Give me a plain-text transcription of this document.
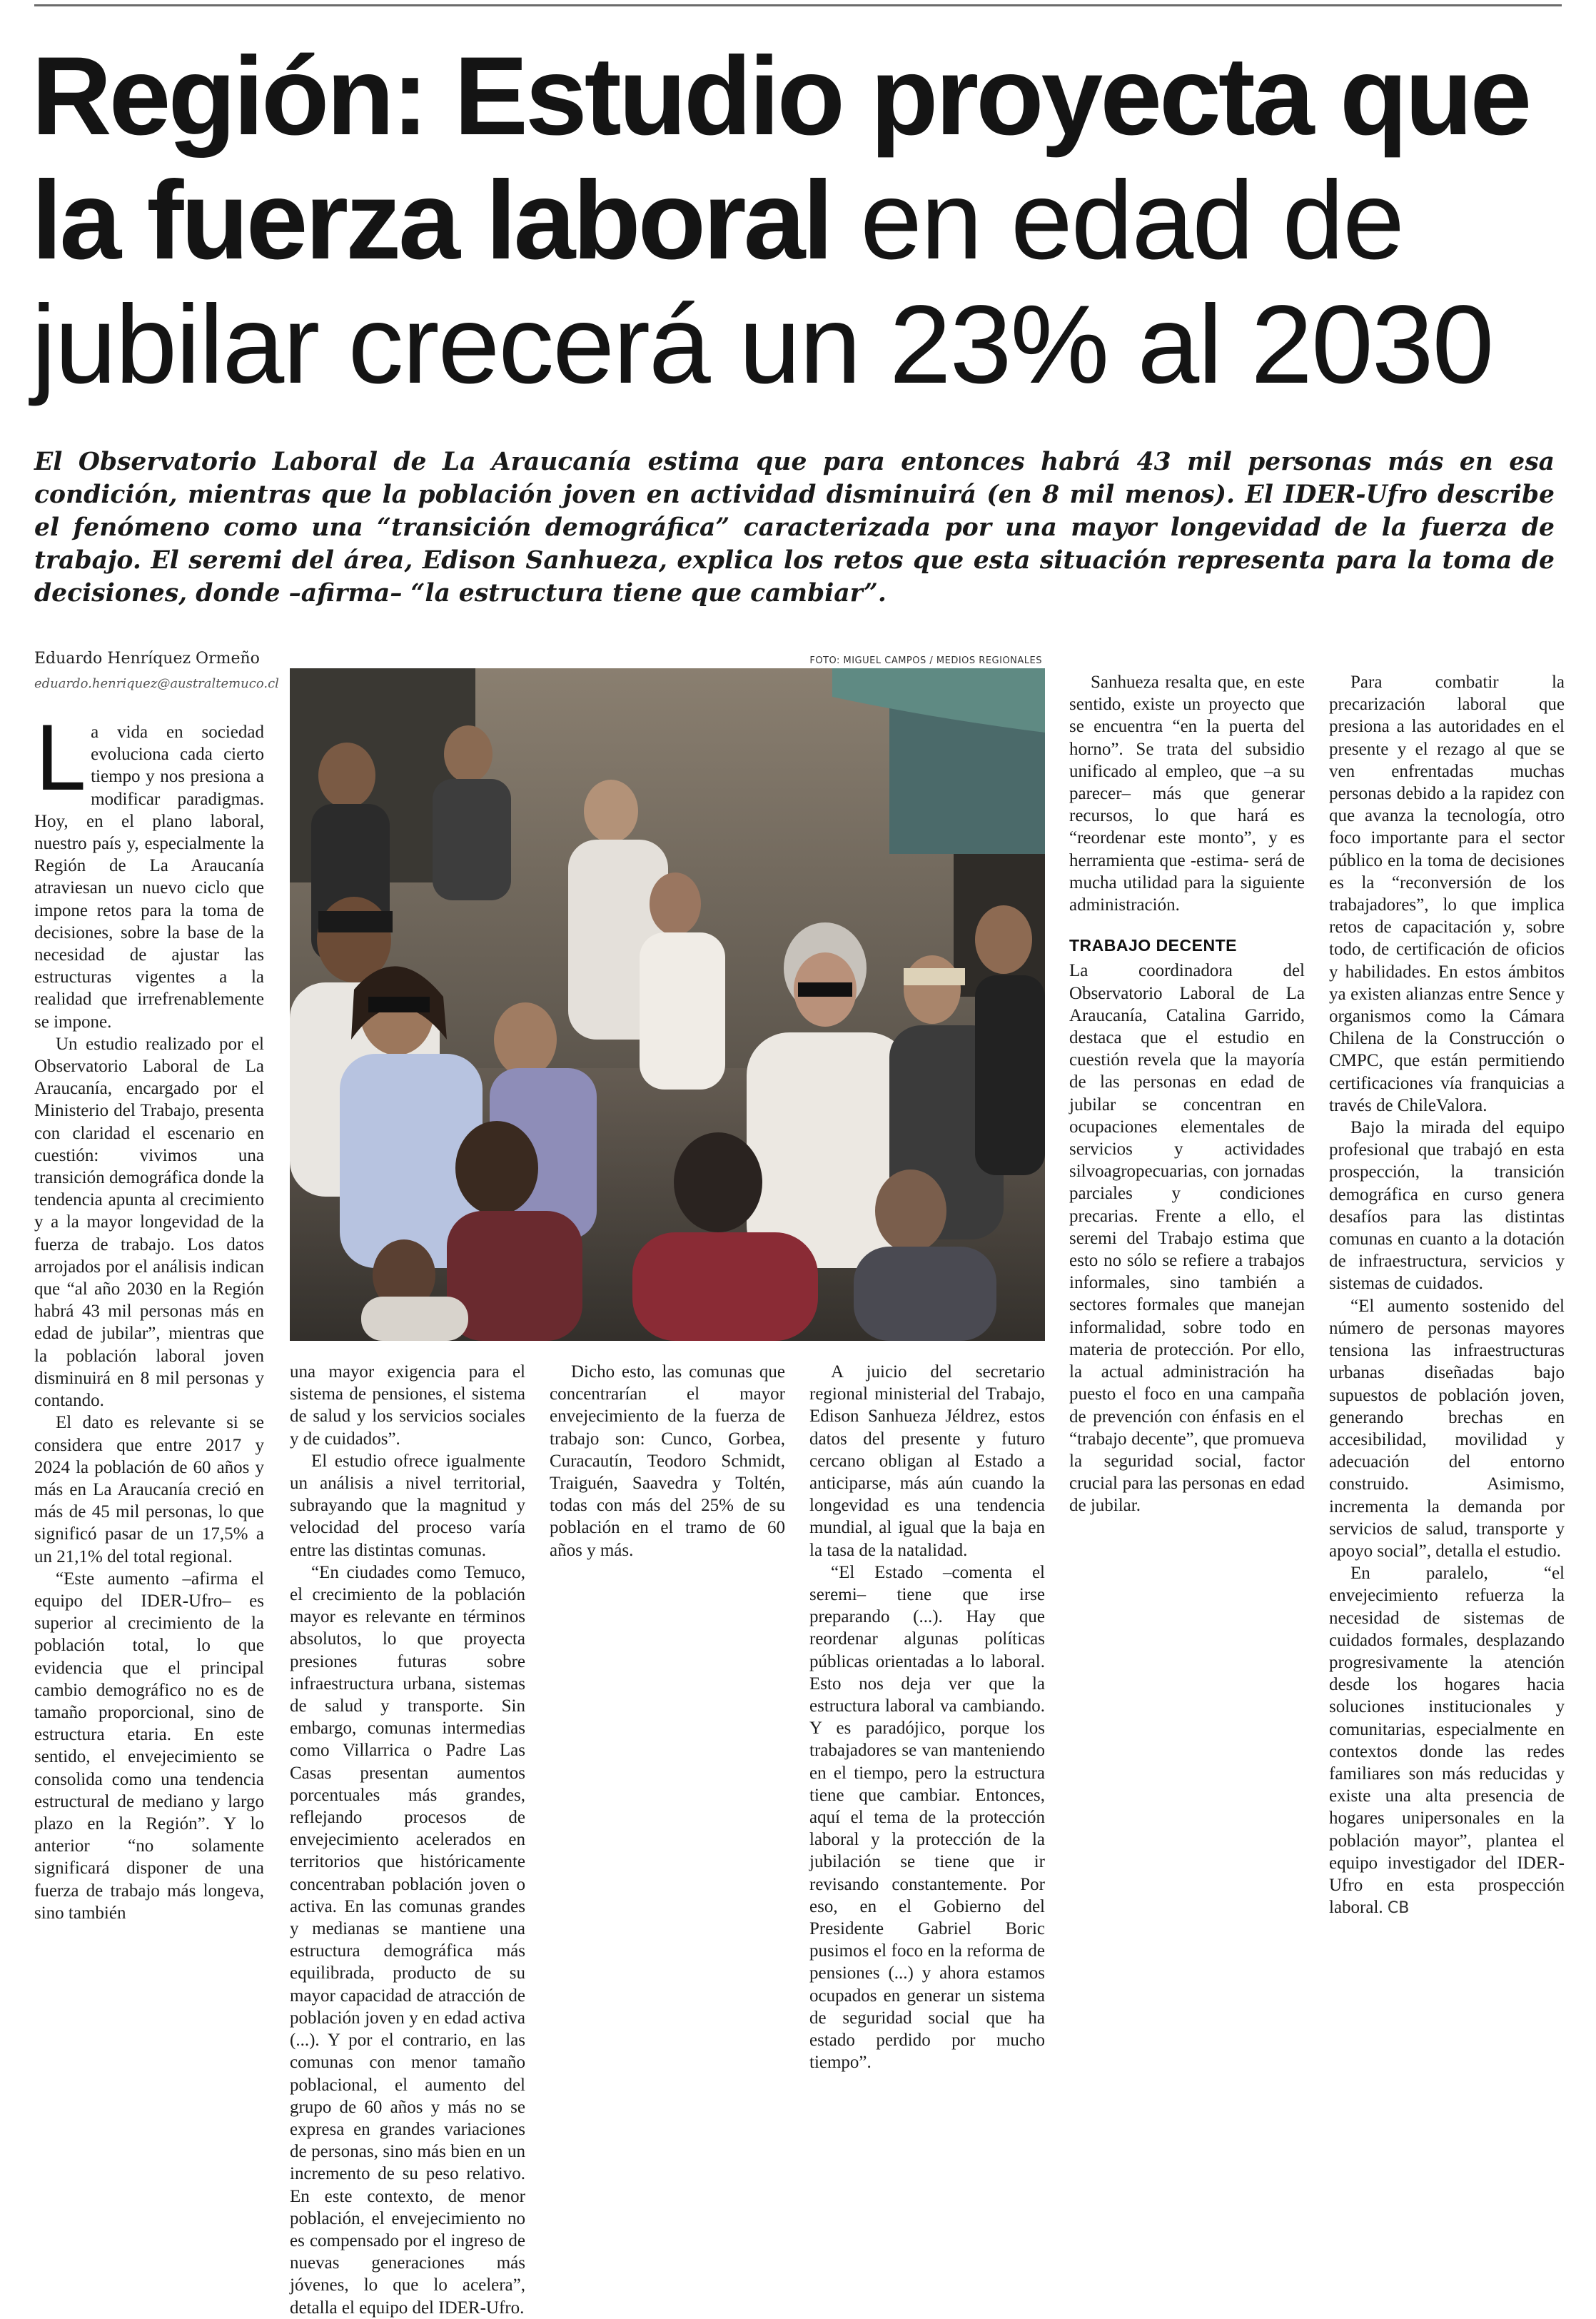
Región: Estudio proyecta que
la fuerza laboral en edad de
jubilar crecerá un 23% al 2030

El Observatorio Laboral de La Araucanía estima que para entonces habrá 43 mil personas más en esa condición, mientras que la población joven en actividad disminuirá (en 8 mil menos). El IDER-Ufro describe el fenómeno como una “transición demográfica” caracterizada por una mayor longevidad de la fuerza de trabajo. El seremi del área, Edison Sanhueza, explica los retos que esta situación representa para la toma de decisiones, donde –afirma– “la estructura tiene que cambiar”.

Eduardo Henríquez Ormeño
eduardo.henriquez@australtemuco.cl
FOTO: MIGUEL CAMPOS / MEDIOS REGIONALES

La vida en sociedad evoluciona cada cierto tiempo y nos presiona a modificar paradigmas. Hoy, en el plano laboral, nuestro país y, especialmente la Región de La Araucanía atraviesan un nuevo ciclo que impone retos para la toma de decisiones, sobre la base de la necesidad de ajustar las estructuras vigentes a la realidad que irrefrenablemente se impone.

Un estudio realizado por el Observatorio Laboral de La Araucanía, encargado por el Ministerio del Trabajo, presenta con claridad el escenario en cuestión: vivimos una transición demográfica donde la tendencia apunta al crecimiento y a la mayor longevidad de la fuerza de trabajo. Los datos arrojados por el análisis indican que “al año 2030 en la Región habrá 43 mil personas más en edad de jubilar”, mientras que la población laboral joven disminuirá en 8 mil personas y contando.

El dato es relevante si se considera que entre 2017 y 2024 la población de 60 años y más en La Araucanía creció en más de 45 mil personas, lo que significó pasar de un 17,5% a un 21,1% del total regional.

“Este aumento –afirma el equipo del IDER-Ufro– es superior al crecimiento de la población total, lo que evidencia que el principal cambio demográfico no es de tamaño proporcional, sino de estructura etaria. En este sentido, el envejecimiento se consolida como una tendencia estructural de mediano y largo plazo en la Región”. Y lo anterior “no solamente significará disponer de una fuerza de trabajo más longeva, sino también

una mayor exigencia para el sistema de pensiones, el sistema de salud y los servicios sociales y de cuidados”.

El estudio ofrece igualmente un análisis a nivel territorial, subrayando que la magnitud y velocidad del proceso varía entre las distintas comunas.

“En ciudades como Temuco, el crecimiento de la población mayor es relevante en términos absolutos, lo que proyecta presiones futuras sobre infraestructura urbana, sistemas de salud y transporte. Sin embargo, comunas intermedias como Villarrica o Padre Las Casas presentan aumentos porcentuales más grandes, reflejando procesos de envejecimiento acelerados en territorios que históricamente concentraban población joven o activa. En las comunas grandes y medianas se mantiene una estructura demográfica más equilibrada, producto de su mayor capacidad de atracción de población joven y en edad activa (...). Y por el contrario, en las comunas con menor tamaño poblacional, el aumento del grupo de 60 años y más no se expresa en grandes variaciones de personas, sino más bien en un incremento de su peso relativo. En este contexto, de menor población, el envejecimiento no es compensado por el ingreso de nuevas generaciones más jóvenes, lo que lo acelera”, detalla el equipo del IDER-Ufro.

Dicho esto, las comunas que concentrarían el mayor envejecimiento de la fuerza de trabajo son: Cunco, Gorbea, Curacautín, Teodoro Schmidt, Traiguén, Saavedra y Toltén, todas con más del 25% de su población en el tramo de 60 años y más.

A juicio del secretario regional ministerial del Trabajo, Edison Sanhueza Jéldrez, estos datos del presente y futuro cercano obligan al Estado a anticiparse, más aún cuando la longevidad es una tendencia mundial, al igual que la baja en la tasa de la natalidad.

“El Estado –comenta el seremi– tiene que irse preparando (...). Hay que reordenar algunas políticas públicas orientadas a lo laboral. Esto nos deja ver que la estructura laboral va cambiando. Y es paradójico, porque los trabajadores se van manteniendo en el tiempo, pero la estructura tiene que cambiar. Entonces, aquí el tema de la protección laboral y la protección de la jubilación se tiene que ir revisando constantemente. Por eso, en el Gobierno del Presidente Gabriel Boric pusimos el foco en la reforma de pensiones (...) y ahora estamos ocupados en generar un sistema de seguridad social que ha estado perdido por mucho tiempo”.

Sanhueza resalta que, en este sentido, existe un proyecto que se encuentra “en la puerta del horno”. Se trata del subsidio unificado al empleo, que –a su parecer– más que generar recursos, lo que hará es “reordenar este monto”, y es herramienta que -estima- será de mucha utilidad para la siguiente administración.

TRABAJO DECENTE

La coordinadora del Observatorio Laboral de La Araucanía, Catalina Garrido, destaca que el estudio en cuestión revela que la mayoría de las personas en edad de jubilar se concentran en ocupaciones elementales de servicios y actividades silvoagropecuarias, con jornadas parciales y condiciones precarias. Frente a ello, el seremi del Trabajo estima que esto no sólo se refiere a trabajos informales, sino también a sectores formales que manejan informalidad, sobre todo en materia de protección. Por ello, la actual administración ha puesto el foco en una campaña de prevención con énfasis en el “trabajo decente”, que promueva la seguridad social, factor crucial para las personas en edad de jubilar.

Para combatir la precarización laboral que presiona a las autoridades en el presente y el rezago al que se ven enfrentadas muchas personas debido a la rapidez con que avanza la tecnología, otro foco importante para el sector público en la toma de decisiones es la “reconversión de los trabajadores”, lo que implica retos de capacitación y, sobre todo, de certificación de oficios y habilidades. En estos ámbitos ya existen alianzas entre Sence y organismos como la Cámara Chilena de la Construcción o CMPC, que están permitiendo certificaciones vía franquicias a través de ChileValora.

Bajo la mirada del equipo profesional que trabajó en esta prospección, la transición demográfica en curso genera desafíos para las distintas comunas en cuanto a la dotación de infraestructura, servicios y sistemas de cuidados.

“El aumento sostenido del número de personas mayores tensiona las infraestructuras urbanas diseñadas bajo supuestos de población joven, generando brechas en accesibilidad, movilidad y adecuación del entorno construido. Asimismo, incrementa la demanda por servicios de salud, transporte y apoyo social”, detalla el estudio.

En paralelo, “el envejecimiento refuerza la necesidad de sistemas de cuidados formales, desplazando progresivamente la atención desde los hogares hacia soluciones institucionales y comunitarias, especialmente en contextos donde las redes familiares son más reducidas y existe una alta presencia de hogares unipersonales en la población mayor”, plantea el equipo investigador del IDER-Ufro en esta prospección laboral. CB
